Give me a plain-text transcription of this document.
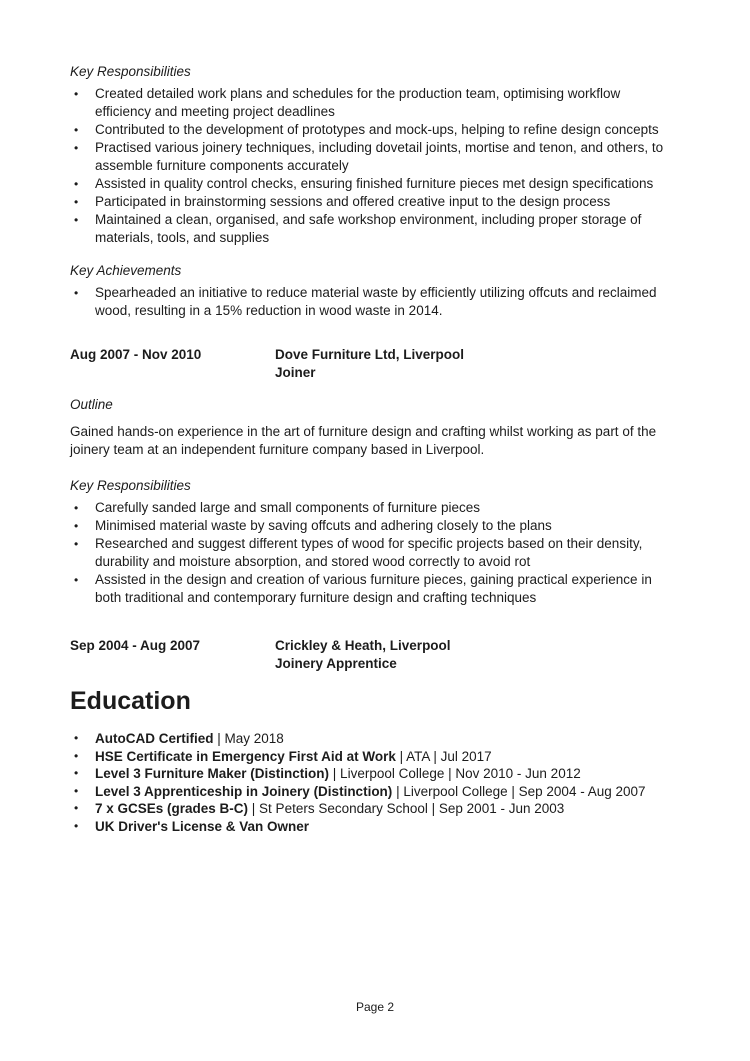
Key Responsibilities

•	Created detailed work plans and schedules for the production team, optimising workflow efficiency and meeting project deadlines
•	Contributed to the development of prototypes and mock-ups, helping to refine design concepts
•	Practised various joinery techniques, including dovetail joints, mortise and tenon, and others, to assemble furniture components accurately
•	Assisted in quality control checks, ensuring finished furniture pieces met design specifications
•	Participated in brainstorming sessions and offered creative input to the design process
•	Maintained a clean, organised, and safe workshop environment, including proper storage of materials, tools, and supplies

Key Achievements

•	Spearheaded an initiative to reduce material waste by efficiently utilizing offcuts and reclaimed wood, resulting in a 15% reduction in wood waste in 2014.
Aug 2007 - Nov 2010	Dove Furniture Ltd, Liverpool
Joiner

Outline

Gained hands-on experience in the art of furniture design and crafting whilst working as part of the joinery team at an independent furniture company based in Liverpool.

Key Responsibilities

•	Carefully sanded large and small components of furniture pieces
•	Minimised material waste by saving offcuts and adhering closely to the plans
•	Researched and suggest different types of wood for specific projects based on their density, durability and moisture absorption, and stored wood correctly to avoid rot
•	Assisted in the design and creation of various furniture pieces, gaining practical experience in both traditional and contemporary furniture design and crafting techniques
Sep 2004 - Aug 2007	Crickley & Heath, Liverpool
Joinery Apprentice
Education
•	AutoCAD Certified | May 2018
•	HSE Certificate in Emergency First Aid at Work | ATA | Jul 2017
•	Level 3 Furniture Maker (Distinction) | Liverpool College | Nov 2010 - Jun 2012
•	Level 3 Apprenticeship in Joinery (Distinction) | Liverpool College | Sep 2004 - Aug 2007
•	7 x GCSEs (grades B-C) | St Peters Secondary School | Sep 2001 - Jun 2003
•	UK Driver's License & Van Owner
Page 2
